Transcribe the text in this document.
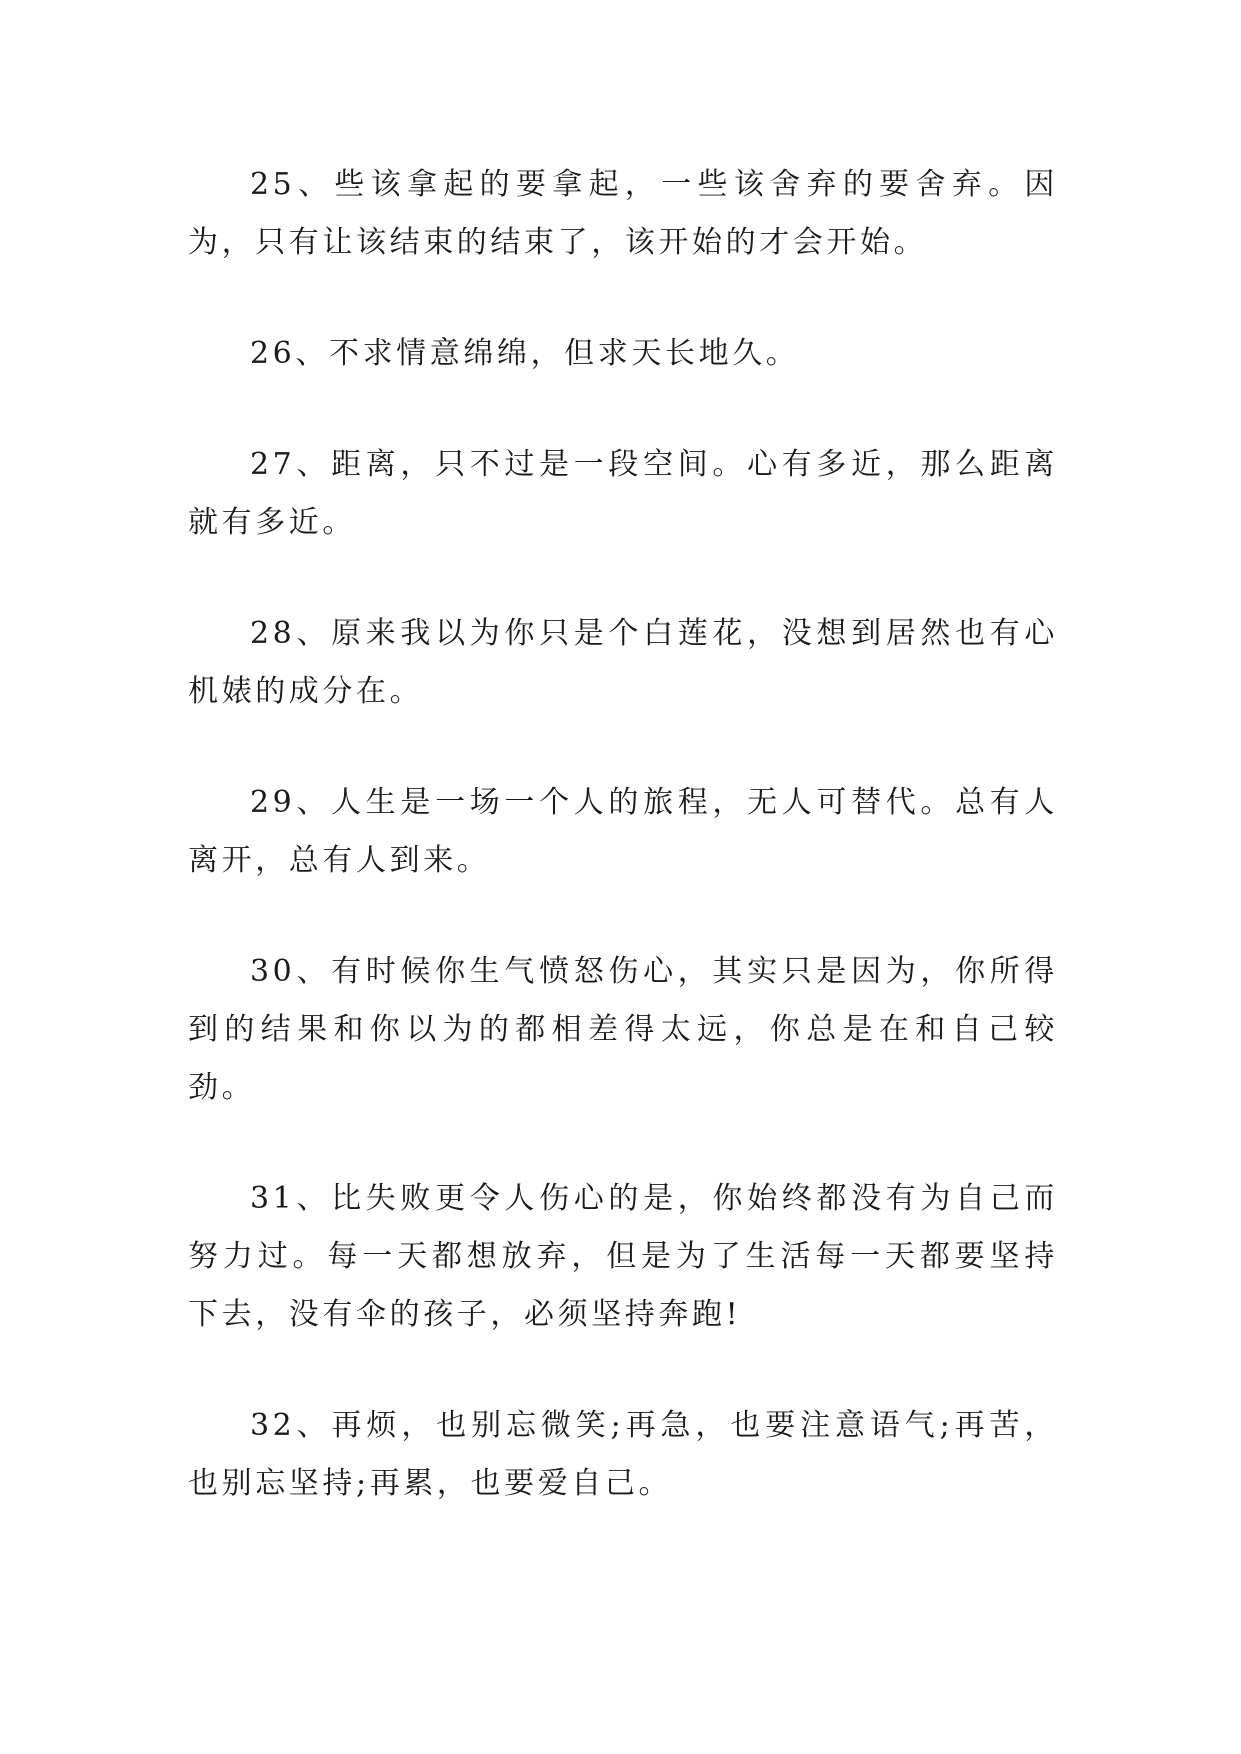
25、些该拿起的要拿起，一些该舍弃的要舍弃。因为，只有让该结束的结束了，该开始的才会开始。

26、不求情意绵绵，但求天长地久。

27、距离，只不过是一段空间。心有多近，那么距离就有多近。

28、原来我以为你只是个白莲花，没想到居然也有心机婊的成分在。

29、人生是一场一个人的旅程，无人可替代。总有人离开，总有人到来。

30、有时候你生气愤怒伤心，其实只是因为，你所得到的结果和你以为的都相差得太远，你总是在和自己较劲。

31、比失败更令人伤心的是，你始终都没有为自己而努力过。每一天都想放弃，但是为了生活每一天都要坚持下去，没有伞的孩子，必须坚持奔跑!

32、再烦，也别忘微笑;再急，也要注意语气;再苦，也别忘坚持;再累，也要爱自己。
